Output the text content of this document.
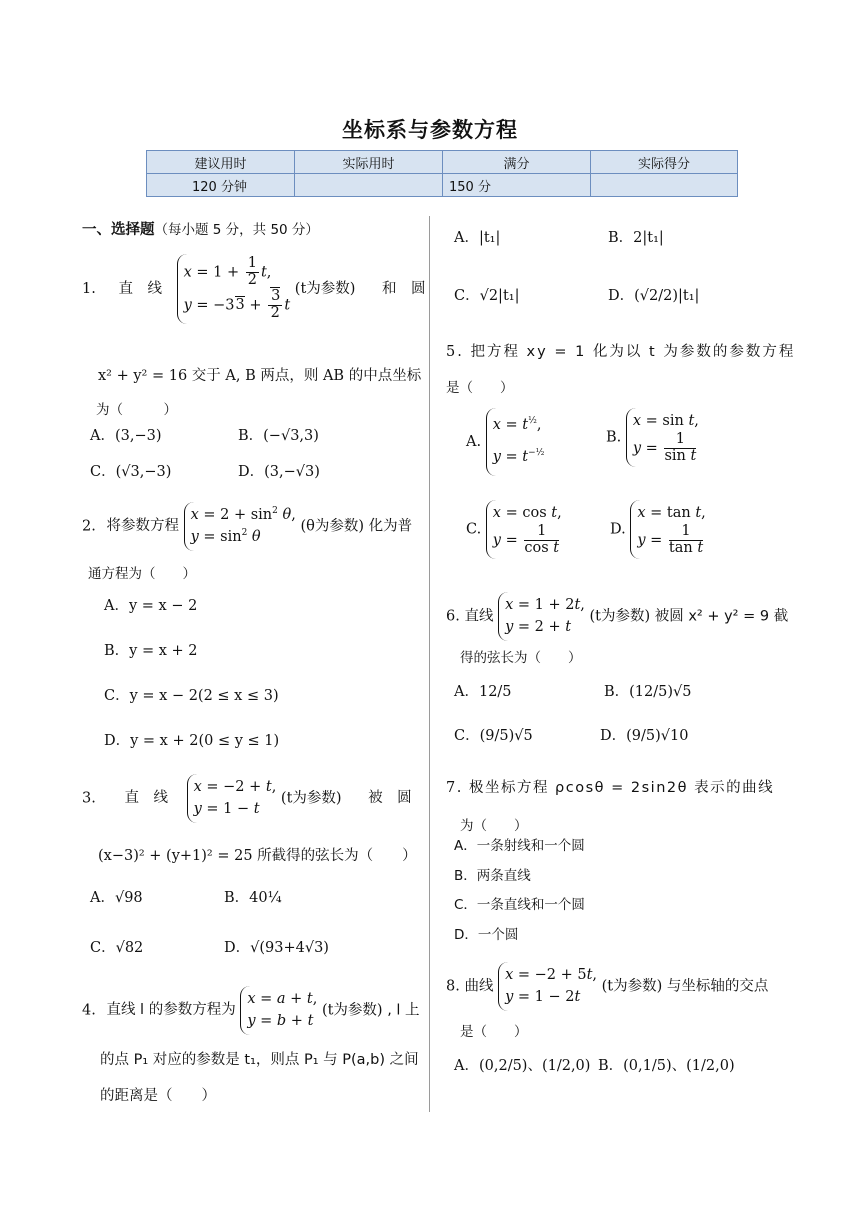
坐标系与参数方程
建议用时	实际用时	满分	实际得分
120 分钟		150 分	
一、选择题（每小题 5 分，共 50 分）
1. 直　线
$x = 1 + \frac{1}{2} t$,
$y = -33 + \frac{3}{2}$ t
(t为参数) 和　圆
x² + y² = 16 交于 A, B 两点，则 AB 的中点坐标
为（　　　）
A．(3,−3)	B．(−√3,3)
C．(√3,−3)	D．(3,−√3)
2. 将参数方程
$x = 2 + \sin^2 \theta$,
$y = \sin^2 \theta$
(θ为参数) 化为普
通方程为（　　）
A．y = x − 2
B．y = x + 2
C．y = x − 2(2 ≤ x ≤ 3)
D．y = x + 2(0 ≤ y ≤ 1)
3. 直　线
x = −2 + t,
y = 1 − t
(t为参数) 被　圆
(x−3)² + (y+1)² = 25 所截得的弦长为（　　）
A．√98	B．40¼
C．√82	D．√(93+4√3)
4. 直线 l 的参数方程为
x = a + t,
y = b + t
(t为参数) , l 上
的点 P₁ 对应的参数是 t₁，则点 P₁ 与 P(a,b) 之间
的距离是（　　）
A．|t₁|	B．2|t₁|
C．√2|t₁|	D．(√2/2)|t₁|
5. 把方程 xy = 1 化为以 t 为参数的参数方程
是（　　）
A.
$x = t^{\frac{1}{2}}$,
$y = t^{-\frac{1}{2}}$
B.
x = sin t,
$y = \frac{1}{\text{sin t}}$
C.
x = cos t,
$y = \frac{1}{\text{cos t}}$	D.
x = tan t,
$y = \frac{1}{\text{tan t}}$
6. 直线
x = 1 + 2t,
y = 2 + t
(t为参数) 被圆 x² + y² = 9 截
得的弦长为（　　）
A．12/5	B．(12/5)√5
C．(9/5)√5	D．(9/5)√10
7. 极坐标方程 ρcosθ = 2sin2θ 表示的曲线
为（　　）
A．一条射线和一个圆
B．两条直线
C．一条直线和一个圆
D．一个圆
8. 曲线
x = −2 + 5t,
y = 1 − 2t
(t为参数) 与坐标轴的交点
是（　　）
A．(0,2/5)、(1/2,0) B．(0,1/5)、(1/2,0)
